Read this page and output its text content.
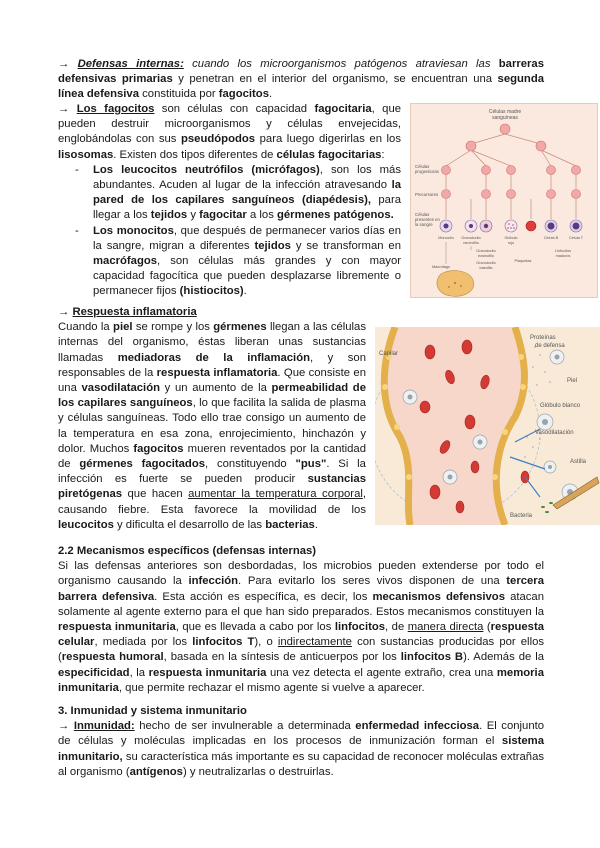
→ Defensas internas: cuando los microorganismos patógenos atraviesan las barreras defensivas primarias y penetran en el interior del organismo, se encuentran una segunda línea defensiva constituida por fagocitos.
→ Los fagocitos son células con capacidad fagocitaria, que pueden destruir microorganismos y células envejecidas, englobándolas con sus pseudópodos para luego digerirlas en los lisosomas. Existen dos tipos diferentes de células fagocitarias:
- Los leucocitos neutrófilos (micrófagos), son los más abundantes. Acuden al lugar de la infección atravesando la pared de los capilares sanguíneos (diapédesis), para llegar a los tejidos y fagocitar a los gérmenes patógenos.
- Los monocitos, que después de permanecer varios días en la sangre, migran a diferentes tejidos y se transforman en macrófagos, son células más grandes y con mayor capacidad fagocítica que pueden desplazarse libremente o permanecer fijos (histiocitos).
Células madre
sanguíneas
Células
progenitoras
Precursores
Células
presentes en
la sangre
Monocito Granulocito
neutrófilo
Glóbulo
rojo
Célula B	Célula T
Granulocito
eosinófilo
Granulocito
basófilo
Plaquetas
Linfocitos
maduros
Macrófago
→ Respuesta inflamatoria
Cuando la piel se rompe y los gérmenes llegan a las células internas del organismo, éstas liberan unas sustancias llamadas mediadoras de la inflamación, y son responsables de la respuesta inflamatoria. Que consiste en una vasodilatación y un aumento de la permeabilidad de los capilares sanguíneos, lo que facilita la salida de plasma y células sanguíneas. Todo ello trae consigo un aumento de la temperatura en esa zona, enrojecimiento, hinchazón y dolor. Muchos fagocitos mueren reventados por la cantidad de gérmenes fagocitados, constituyendo "pus". Si la infección es fuerte se pueden producir sustancias piretógenas que hacen aumentar la temperatura corporal, causando fiebre. Esta favorece la movilidad de los leucocitos y dificulta el desarrollo de las bacterias.
Capilar
Proteínas
de defensa
Piel
Glóbulo blanco
Vasodilatación
Astilla
Bacteria
2.2 Mecanismos específicos (defensas internas)
Si las defensas anteriores son desbordadas, los microbios pueden extenderse por todo el organismo causando la infección. Para evitarlo los seres vivos disponen de una tercera barrera defensiva. Esta acción es específica, es decir, los mecanismos defensivos atacan solamente al agente externo para el que han sido preparados. Estos mecanismos constituyen la respuesta inmunitaria, que es llevada a cabo por los linfocitos, de manera directa (respuesta celular, mediada por los linfocitos T), o indirectamente con sustancias producidas por ellos (respuesta humoral, basada en la síntesis de anticuerpos por los linfocitos B). Además de la especificidad, la respuesta inmunitaria una vez detecta el agente extraño, crea una memoria inmunitaria, que permite rechazar el mismo agente si vuelve a aparecer.
3. Inmunidad y sistema inmunitario
→ Inmunidad: hecho de ser invulnerable a determinada enfermedad infecciosa. El conjunto de células y moléculas implicadas en los procesos de inmunización forman el sistema inmunitario, su característica más importante es su capacidad de reconocer moléculas extrañas al organismo (antígenos) y neutralizarlas o destruirlas.
